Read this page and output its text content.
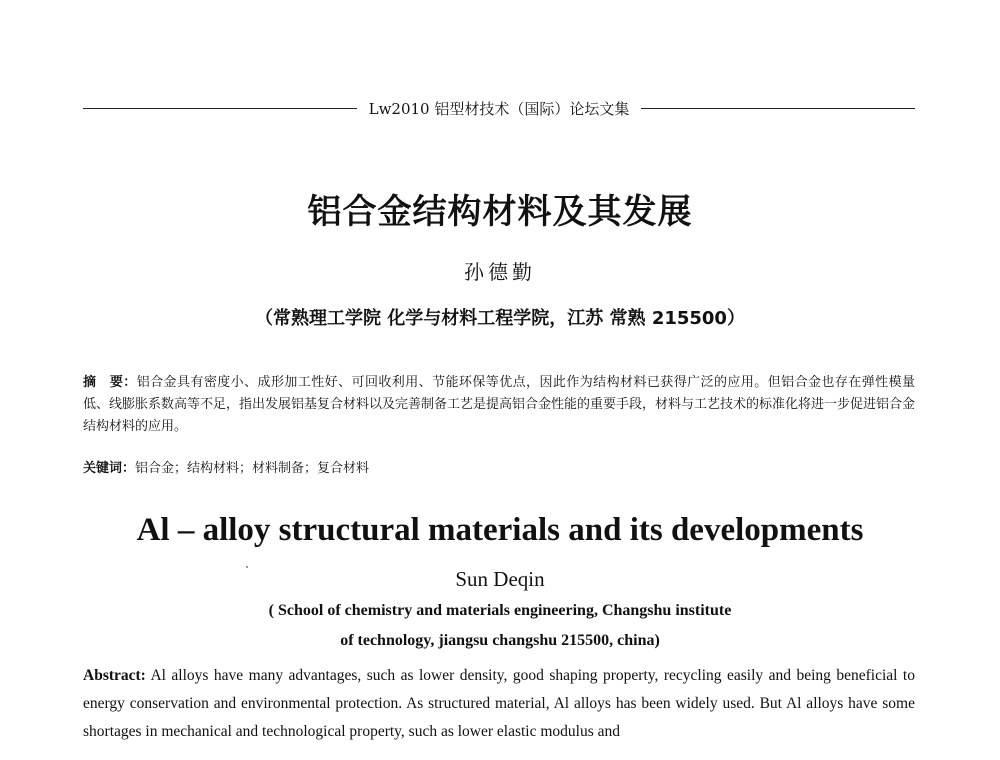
Lw2010 铝型材技术（国际）论坛文集
铝合金结构材料及其发展
孙德勤
（常熟理工学院 化学与材料工程学院，江苏 常熟 215500）
摘　要：铝合金具有密度小、成形加工性好、可回收利用、节能环保等优点，因此作为结构材料已获得广泛的应用。但铝合金也存在弹性模量低、线膨胀系数高等不足，指出发展铝基复合材料以及完善制备工艺是提高铝合金性能的重要手段，材料与工艺技术的标准化将进一步促进铝合金结构材料的应用。
关键词：铝合金；结构材料；材料制备；复合材料
Al – alloy structural materials and its developments
Sun Deqin
( School of chemistry and materials engineering, Changshu institute
of technology, jiangsu changshu 215500, china)
Abstract: Al alloys have many advantages, such as lower density, good shaping property, recycling easily and being beneficial to energy conservation and environmental protection. As structured material, Al alloys has been widely used. But Al alloys have some shortages in mechanical and technological property, such as lower elastic modulus and
